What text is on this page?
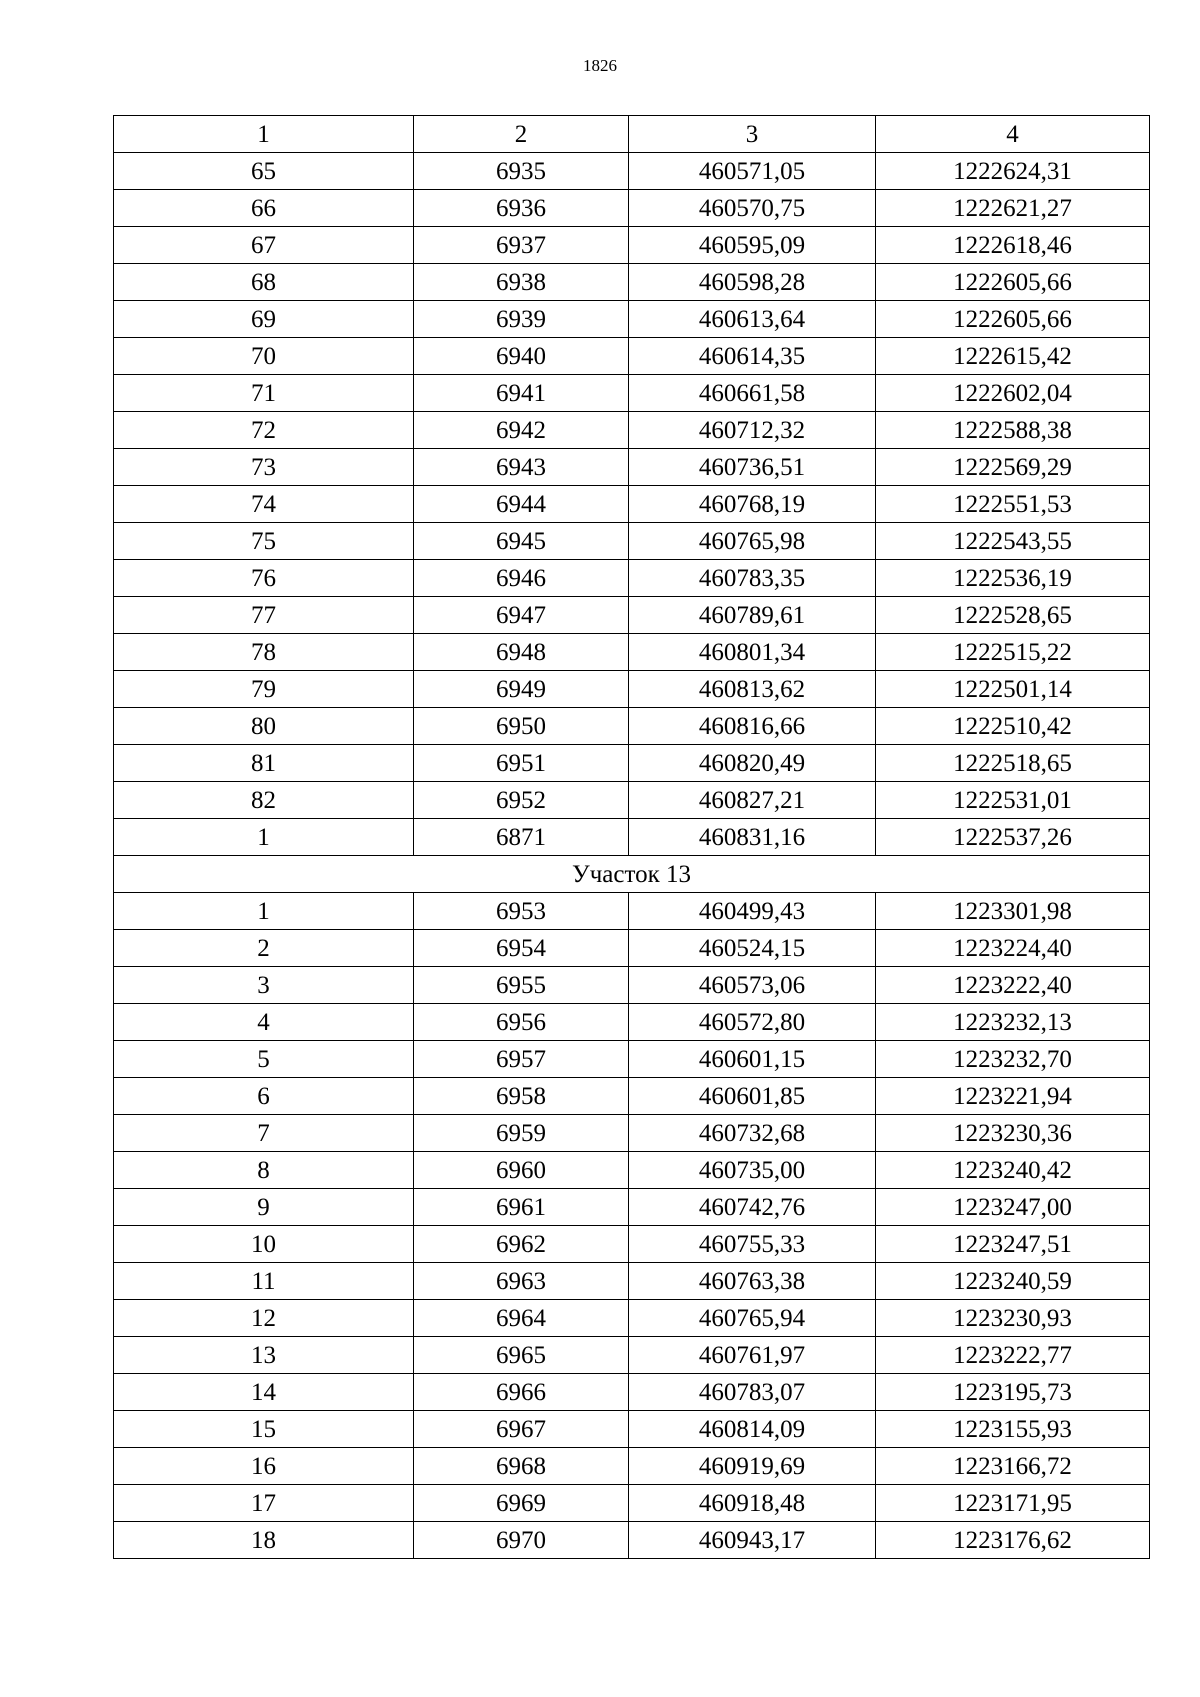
1826
1	2	3	4
65	6935	460571,05	1222624,31
66	6936	460570,75	1222621,27
67	6937	460595,09	1222618,46
68	6938	460598,28	1222605,66
69	6939	460613,64	1222605,66
70	6940	460614,35	1222615,42
71	6941	460661,58	1222602,04
72	6942	460712,32	1222588,38
73	6943	460736,51	1222569,29
74	6944	460768,19	1222551,53
75	6945	460765,98	1222543,55
76	6946	460783,35	1222536,19
77	6947	460789,61	1222528,65
78	6948	460801,34	1222515,22
79	6949	460813,62	1222501,14
80	6950	460816,66	1222510,42
81	6951	460820,49	1222518,65
82	6952	460827,21	1222531,01
1	6871	460831,16	1222537,26
Участок 13			
1	6953	460499,43	1223301,98
2	6954	460524,15	1223224,40
3	6955	460573,06	1223222,40
4	6956	460572,80	1223232,13
5	6957	460601,15	1223232,70
6	6958	460601,85	1223221,94
7	6959	460732,68	1223230,36
8	6960	460735,00	1223240,42
9	6961	460742,76	1223247,00
10	6962	460755,33	1223247,51
11	6963	460763,38	1223240,59
12	6964	460765,94	1223230,93
13	6965	460761,97	1223222,77
14	6966	460783,07	1223195,73
15	6967	460814,09	1223155,93
16	6968	460919,69	1223166,72
17	6969	460918,48	1223171,95
18	6970	460943,17	1223176,62
